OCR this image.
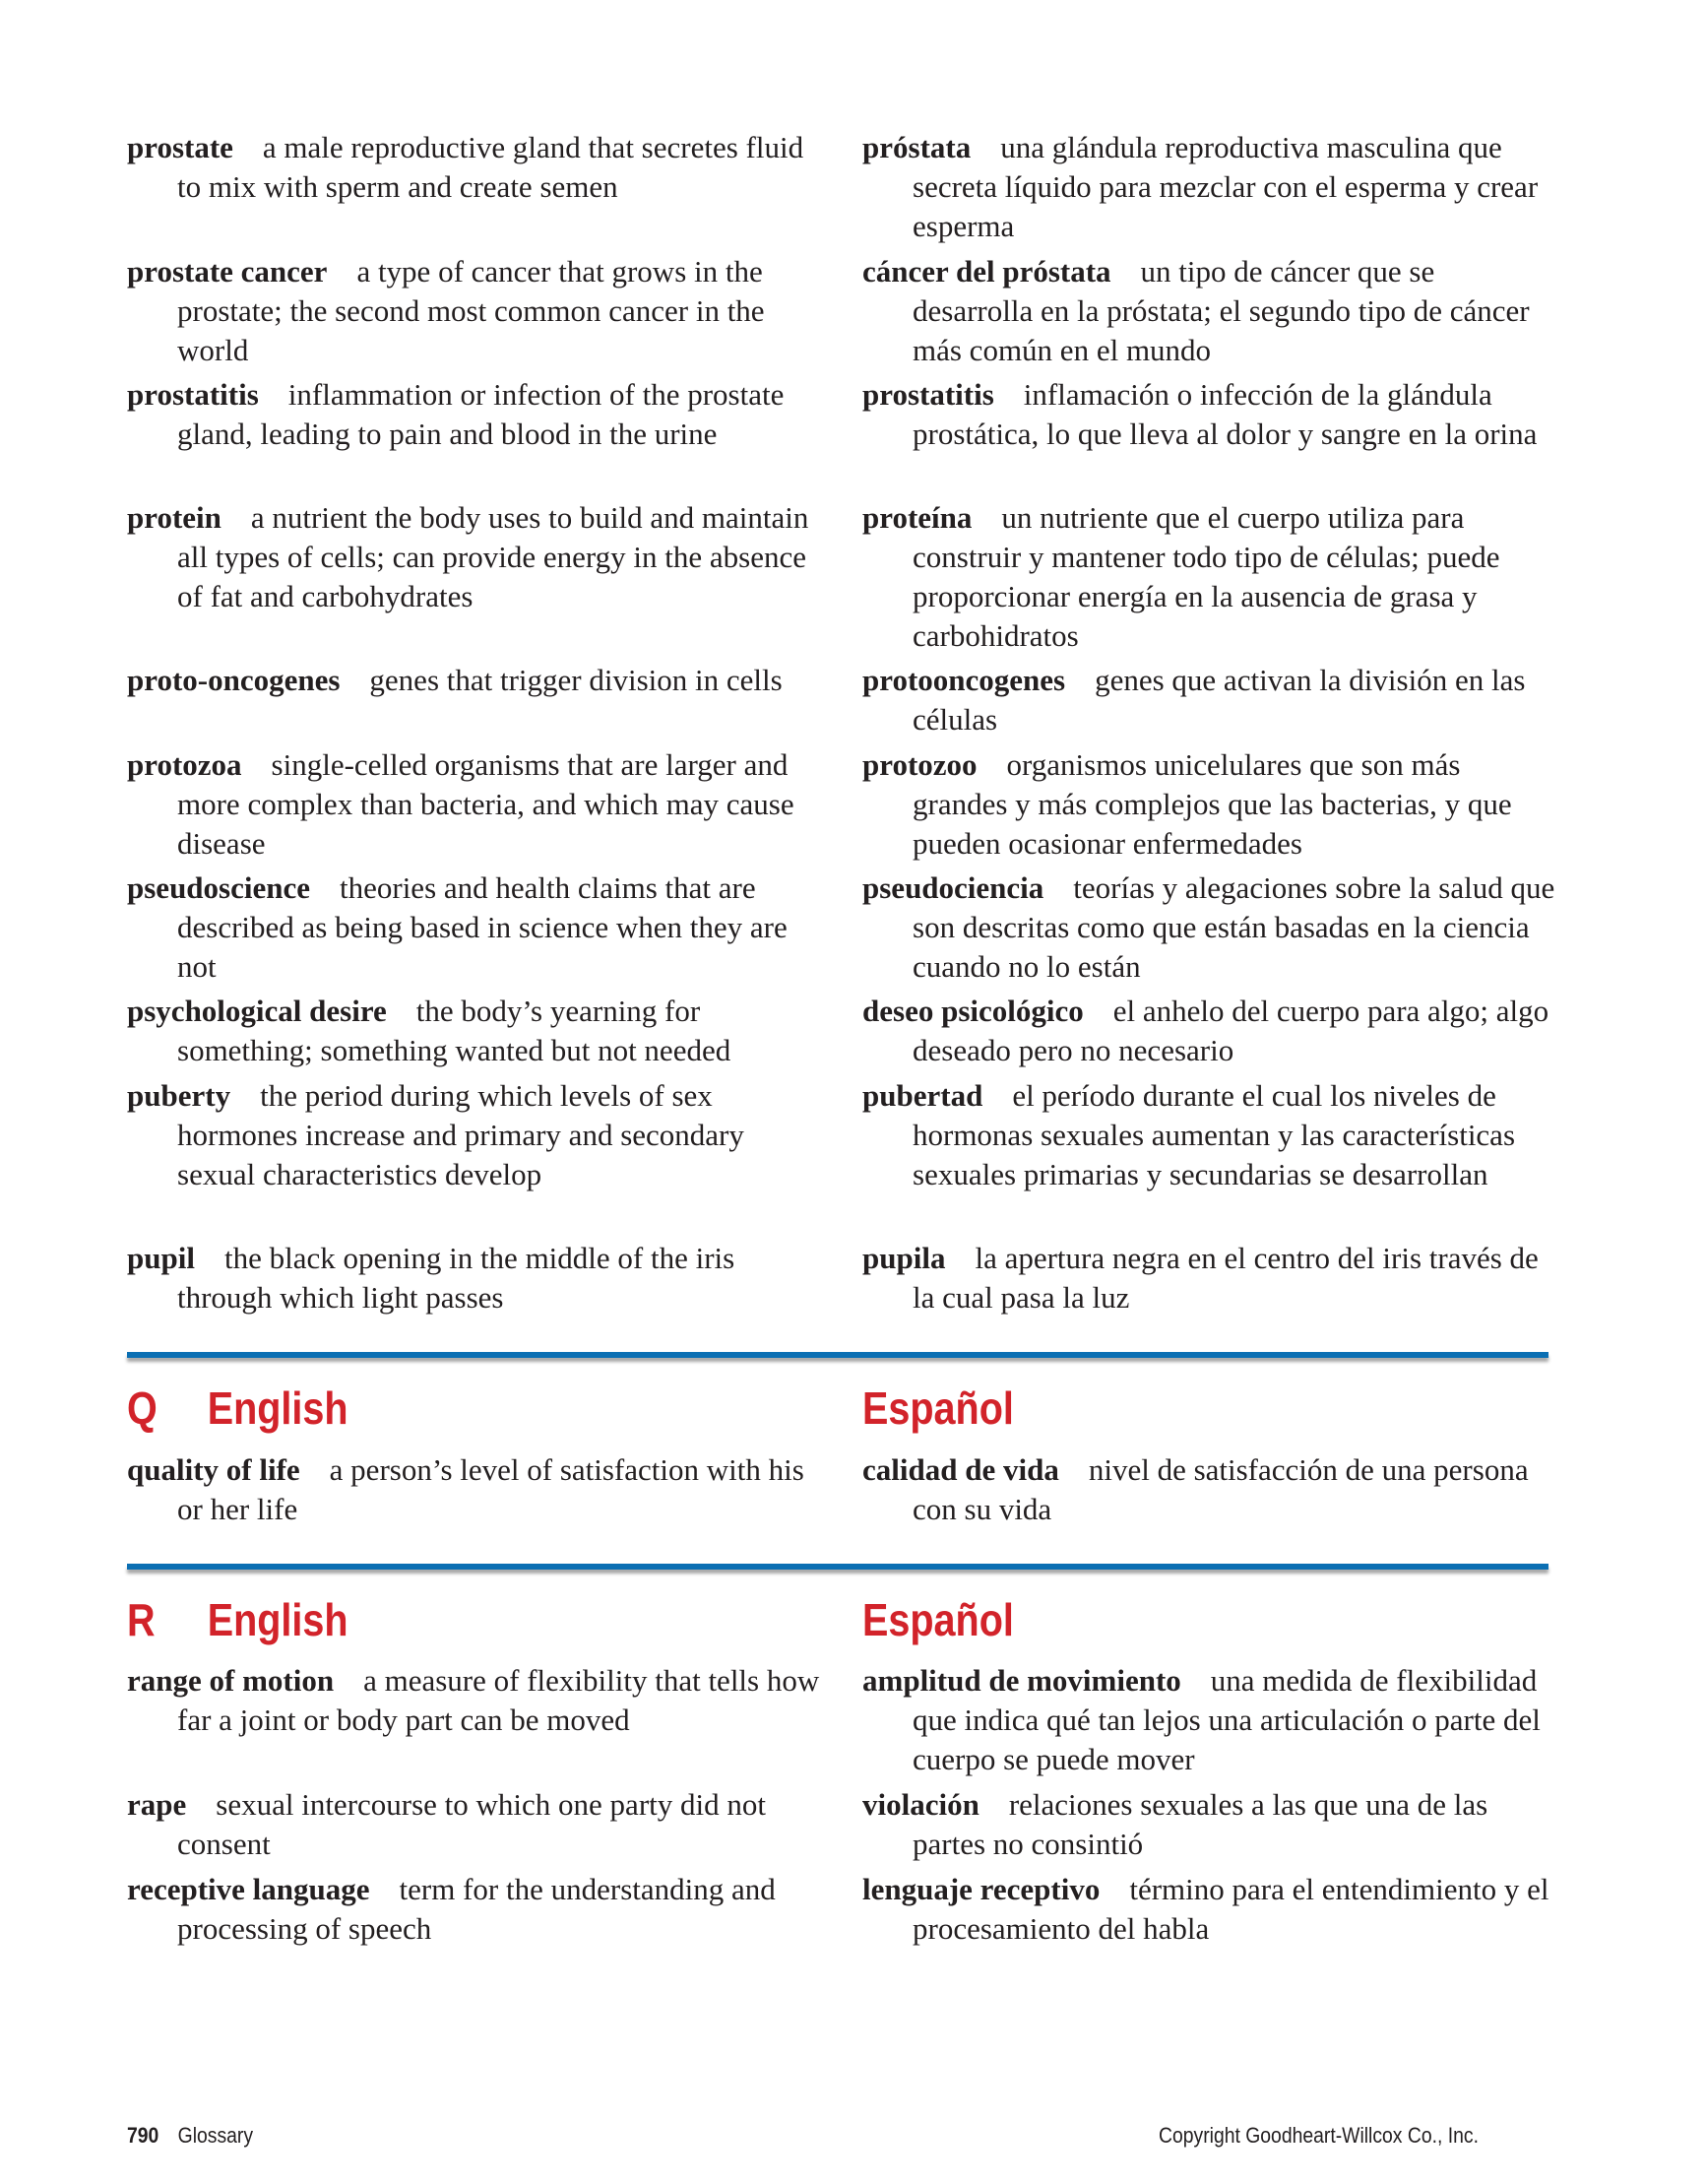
prostate a male reproductive gland that secretes fluid to mix with sperm and create semen
próstata una glándula reproductiva masculina que secreta líquido para mezclar con el esperma y crear esperma
prostate cancer a type of cancer that grows in the prostate; the second most common cancer in the world
cáncer del próstata un tipo de cáncer que se desarrolla en la próstata; el segundo tipo de cáncer más común en el mundo
prostatitis inflammation or infection of the prostate gland, leading to pain and blood in the urine
prostatitis inflamación o infección de la glándula prostática, lo que lleva al dolor y sangre en la orina
protein a nutrient the body uses to build and maintain all types of cells; can provide energy in the absence of fat and carbohydrates
proteína un nutriente que el cuerpo utiliza para construir y mantener todo tipo de células; puede proporcionar energía en la ausencia de grasa y carbohidratos
proto-oncogenes genes that trigger division in cells	protooncogenes genes que activan la división en las células
protozoa single-celled organisms that are larger and more complex than bacteria, and which may cause disease
protozoo organismos unicelulares que son más grandes y más complejos que las bacterias, y que pueden ocasionar enfermedades
pseudoscience theories and health claims that are described as being based in science when they are not
pseudociencia teorías y alegaciones sobre la salud que son descritas como que están basadas en la ciencia cuando no lo están
psychological desire the body’s yearning for something; something wanted but not needed
deseo psicológico el anhelo del cuerpo para algo; algo deseado pero no necesario
puberty the period during which levels of sex hormones increase and primary and secondary sexual characteristics develop
pubertad el período durante el cual los niveles de hormonas sexuales aumentan y las características sexuales primarias y secundarias se desarrollan
pupil the black opening in the middle of the iris through which light passes
pupila la apertura negra en el centro del iris través de la cual pasa la luz
Q English	Español
quality of life a person’s level of satisfaction with his or her life
calidad de vida nivel de satisfacción de una persona con su vida
R English	Español
range of motion a measure of flexibility that tells how far a joint or body part can be moved
amplitud de movimiento una medida de flexibilidad que indica qué tan lejos una articulación o parte del cuerpo se puede mover
rape sexual intercourse to which one party did not consent
violación relaciones sexuales a las que una de las partes no consintió
receptive language term for the understanding and processing of speech
lenguaje receptivo término para el entendimiento y el procesamiento del habla
790 Glossary	Copyright Goodheart-Willcox Co., Inc.
